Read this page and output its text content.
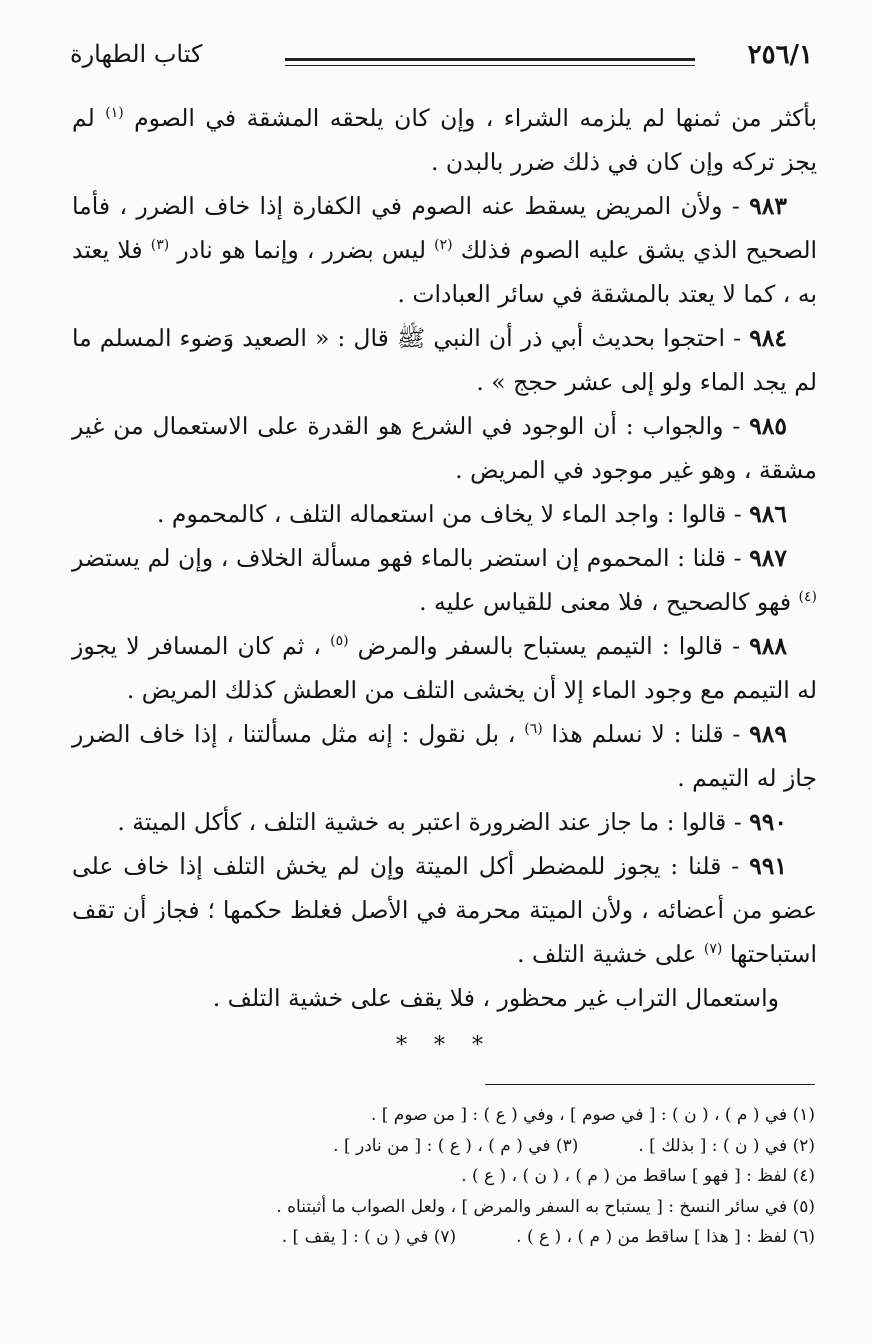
٢٥٦/١
كتاب الطهارة

بأكثر من ثمنها لم يلزمه الشراء ، وإن كان يلحقه المشقة في الصوم $^{(١)}$ لم يجز تركه وإن كان في ذلك ضرر بالبدن .

٩٨٣ - ولأن المريض يسقط عنه الصوم في الكفارة إذا خاف الضرر ، فأما الصحيح الذي يشق عليه الصوم فذلك $^{(٢)}$ ليس بضرر ، وإنما هو نادر $^{(٣)}$ فلا يعتد به ، كما لا يعتد بالمشقة في سائر العبادات .

٩٨٤ - احتجوا بحديث أبي ذر أن النبي ﷺ قال : « الصعيد وَضوء المسلم ما لم يجد الماء ولو إلى عشر حجج » .

٩٨٥ - والجواب : أن الوجود في الشرع هو القدرة على الاستعمال من غير مشقة ، وهو غير موجود في المريض .

٩٨٦ - قالوا : واجد الماء لا يخاف من استعماله التلف ، كالمحموم .

٩٨٧ - قلنا : المحموم إن استضر بالماء فهو مسألة الخلاف ، وإن لم يستضر $^{(٤)}$ فهو كالصحيح ، فلا معنى للقياس عليه .

٩٨٨ - قالوا : التيمم يستباح بالسفر والمرض $^{(٥)}$ ، ثم كان المسافر لا يجوز له التيمم مع وجود الماء إلا أن يخشى التلف من العطش كذلك المريض .

٩٨٩ - قلنا : لا نسلم هذا $^{(٦)}$ ، بل نقول : إنه مثل مسألتنا ، إذا خاف الضرر جاز له التيمم .

٩٩٠ - قالوا : ما جاز عند الضرورة اعتبر به خشية التلف ، كأكل الميتة .

٩٩١ - قلنا : يجوز للمضطر أكل الميتة وإن لم يخش التلف إذا خاف على عضو من أعضائه ، ولأن الميتة محرمة في الأصل فغلظ حكمها ؛ فجاز أن تقف استباحتها $^{(٧)}$ على خشية التلف .

واستعمال التراب غير محظور ، فلا يقف على خشية التلف .

* * *
(١) في ( م ) ، ( ن ) : [ في صوم ] ، وفي ( ع ) : [ من صوم ] .
(٢) في ( ن ) : [ بذلك ] .(٣) في ( م ) ، ( ع ) : [ من نادر ] .
(٤) لفظ : [ فهو ] ساقط من ( م ) ، ( ن ) ، ( ع ) .
(٥) في سائر النسخ : [ يستباح به السفر والمرض ] ، ولعل الصواب ما أثبتناه .
(٦) لفظ : [ هذا ] ساقط من ( م ) ، ( ع ) .(٧) في ( ن ) : [ يقف ] .
